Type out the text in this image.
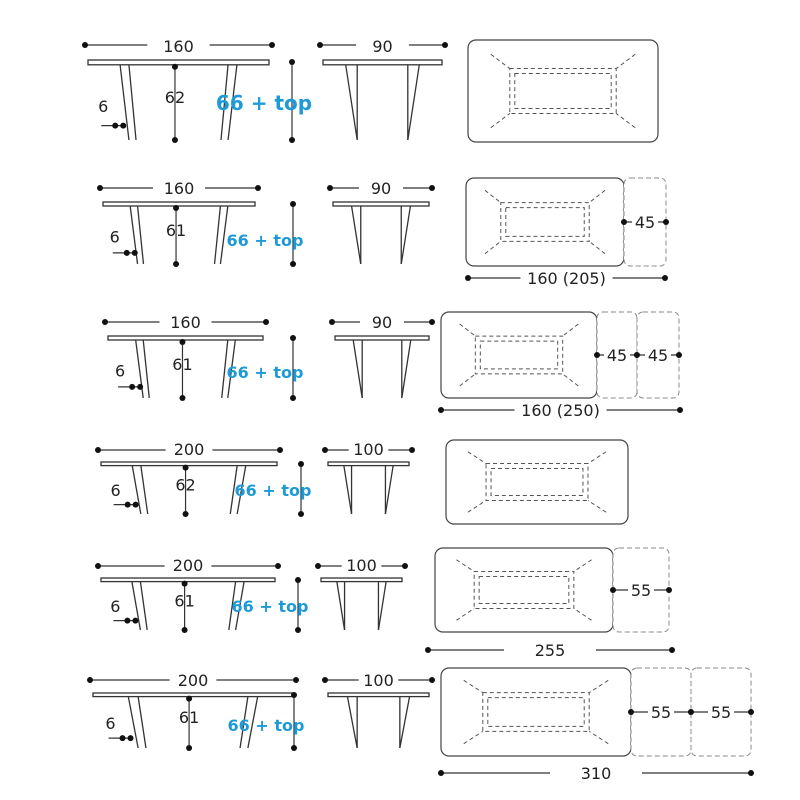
160
62
6
90
66 + top
160
61
6
90
66 + top
45
160 (205)
160
61
6
90
66 + top
45 45
160 (250)
200
62
6
100
66 + top
200
61
6
100
66 + top
55
255
200
61
6
100
66 + top
55 55
310
